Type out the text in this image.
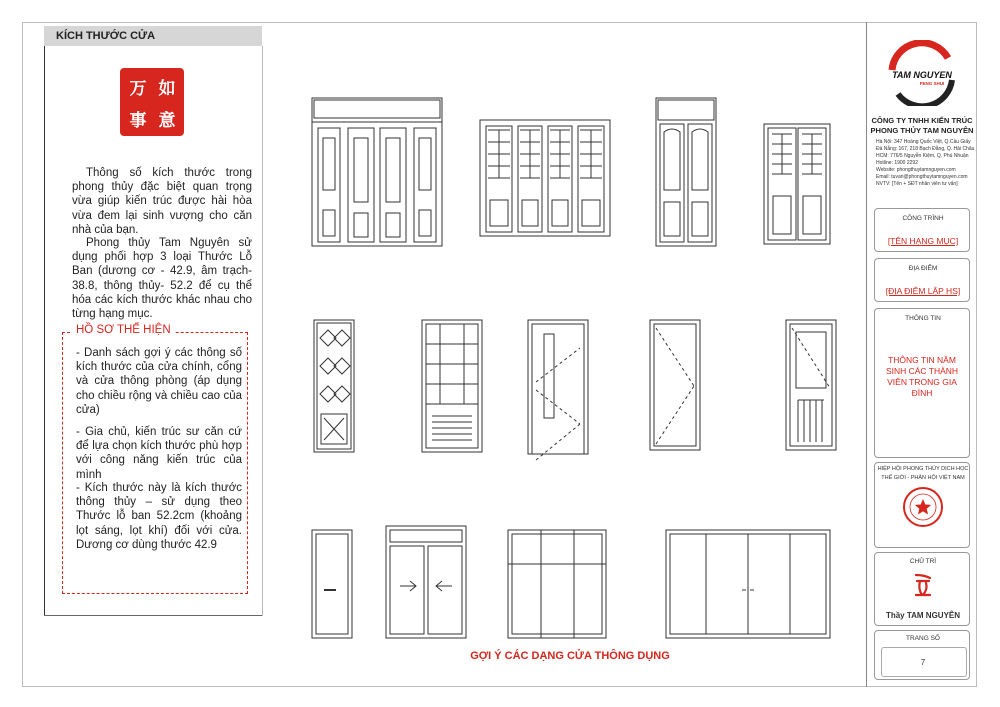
KÍCH THƯỚC CỬA
万 如
事 意
Thông số kích thước trong phong thủy đặc biệt quan trọng vừa giúp kiến trúc được hài hòa vừa đem lại sinh vượng cho căn nhà của bạn.
Phong thủy Tam Nguyên sử dụng phối hợp 3 loại Thước Lỗ Ban (dương cơ - 42.9, âm trạch- 38.8, thông thủy- 52.2 để cụ thể hóa các kích thước khác nhau cho từng hạng mục.
HỒ SƠ THỂ HIỆN
- Danh sách gợi ý các thông số kích thước của cửa chính, cổng và cửa thông phòng (áp dụng cho chiều rộng và chiều cao của cửa)
- Gia chủ, kiến trúc sư căn cứ để lựa chọn kích thước phù hợp với công năng kiến trúc của mình
- Kích thước này là kích thước thông thủy – sử dụng theo Thước lỗ ban 52.2cm (khoảng lọt sáng, lọt khí) đối với cửa. Dương cơ dùng thước 42.9
GỢI Ý CÁC DẠNG CỬA THÔNG DỤNG
TAM NGUYEN
FENG SHUI
CÔNG TY TNHH KIẾN TRÚC
PHONG THỦY TAM NGUYÊN
Hà Nội: 347 Hoàng Quốc Việt, Q.Cầu Giấy
Đà Nẵng: 167, 218 Bạch Đằng, Q. Hải Châu
HCM: 776/5 Nguyễn Kiệm, Q. Phú Nhuận
Hotline: 1900 2292
Website: phongthuytamnguyen.com
Email: tuvan@phongthuytamnguyen.com
NVTV: [Tên + SĐT nhân viên tư vấn]
CÔNG TRÌNH
[TÊN HẠNG MỤC]
ĐỊA ĐIỂM
[ĐỊA ĐIỂM LẬP HS]
THÔNG TIN
THÔNG TIN NĂM SINH CÁC THÀNH VIÊN TRONG GIA ĐÌNH
HIỆP HỘI PHONG THỦY DỊCH HỌC
THẾ GIỚI - PHÂN HỘI VIỆT NAM
CHỦ TRÌ
Thầy TAM NGUYÊN
TRANG SỐ
7
